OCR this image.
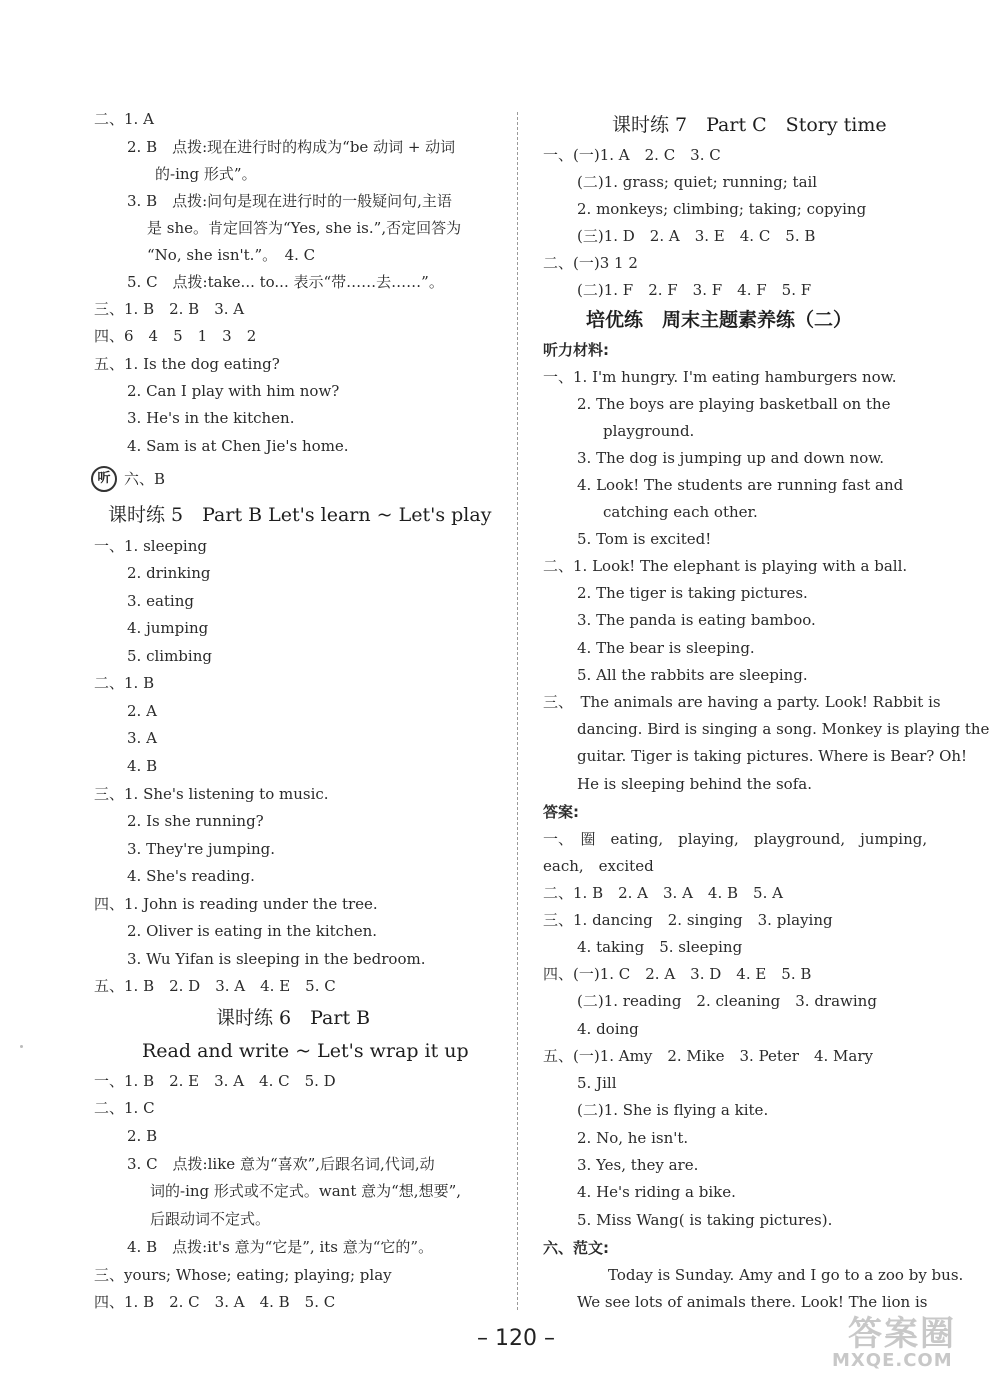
二、1. A
2. B　点拨:现在进行时的构成为“be 动词 + 动词
的-ing 形式”。
3. B　点拨:问句是现在进行时的一般疑问句,主语
是 she。肯定回答为“Yes, she is.”,否定回答为
“No, she isn't.”。　4. C
5. C　点拨:take... to... 表示“带……去……”。
三、1. B　2. B　3. A
四、6　4　5　1　3　2
五、1. Is the dog eating?
2. Can I play with him now?
3. He's in the kitchen.
4. Sam is at Chen Jie's home.
听 六、B
课时练 5　Part B Let's learn ~ Let's play
一、1. sleeping
2. drinking
3. eating
4. jumping
5. climbing
二、1. B
2. A
3. A
4. B
三、1. She's listening to music.
2. Is she running?
3. They're jumping.
4. She's reading.
四、1. John is reading under the tree.
2. Oliver is eating in the kitchen.
3. Wu Yifan is sleeping in the bedroom.
五、1. B　2. D　3. A　4. E　5. C
课时练 6　Part B
Read and write ~ Let's wrap it up
一、1. B　2. E　3. A　4. C　5. D
二、1. C
2. B
3. C　点拨:like 意为“喜欢”,后跟名词,代词,动
词的-ing 形式或不定式。want 意为“想,想要”,
后跟动词不定式。
4. B　点拨:it's 意为“它是”, its 意为“它的”。
三、yours; Whose; eating; playing; play
四、1. B　2. C　3. A　4. B　5. C
课时练 7　Part C　Story time
一、(一)1. A　2. C　3. C
(二)1. grass; quiet; running; tail
2. monkeys; climbing; taking; copying
(三)1. D　2. A　3. E　4. C　5. B
二、(一)3 1 2
(二)1. F　2. F　3. F　4. F　5. F
培优练　周末主题素养练（二）
听力材料:
一、1. I'm hungry. I'm eating hamburgers now.
2. The boys are playing basketball on the
playground.
3. The dog is jumping up and down now.
4. Look! The students are running fast and
catching each other.
5. Tom is excited!
二、1. Look! The elephant is playing with a ball.
2. The tiger is taking pictures.
3. The panda is eating bamboo.
4. The bear is sleeping.
5. All the rabbits are sleeping.
三、　The animals are having a party. Look! Rabbit is
dancing. Bird is singing a song. Monkey is playing the
guitar. Tiger is taking pictures. Where is Bear? Oh!
He is sleeping behind the sofa.
答案:
一、　圈　eating,　playing,　playground,　jumping,
each,　excited
二、1. B　2. A　3. A　4. B　5. A
三、1. dancing　2. singing　3. playing
4. taking　5. sleeping
四、(一)1. C　2. A　3. D　4. E　5. B
(二)1. reading　2. cleaning　3. drawing
4. doing
五、(一)1. Amy　2. Mike　3. Peter　4. Mary
5. Jill
(二)1. She is flying a kite.
2. No, he isn't.
3. Yes, they are.
4. He's riding a bike.
5. Miss Wang( is taking pictures).
六、范文:
Today is Sunday. Amy and I go to a zoo by bus.
We see lots of animals there. Look! The lion is
– 120 –	答案圈
MXQE.COM
